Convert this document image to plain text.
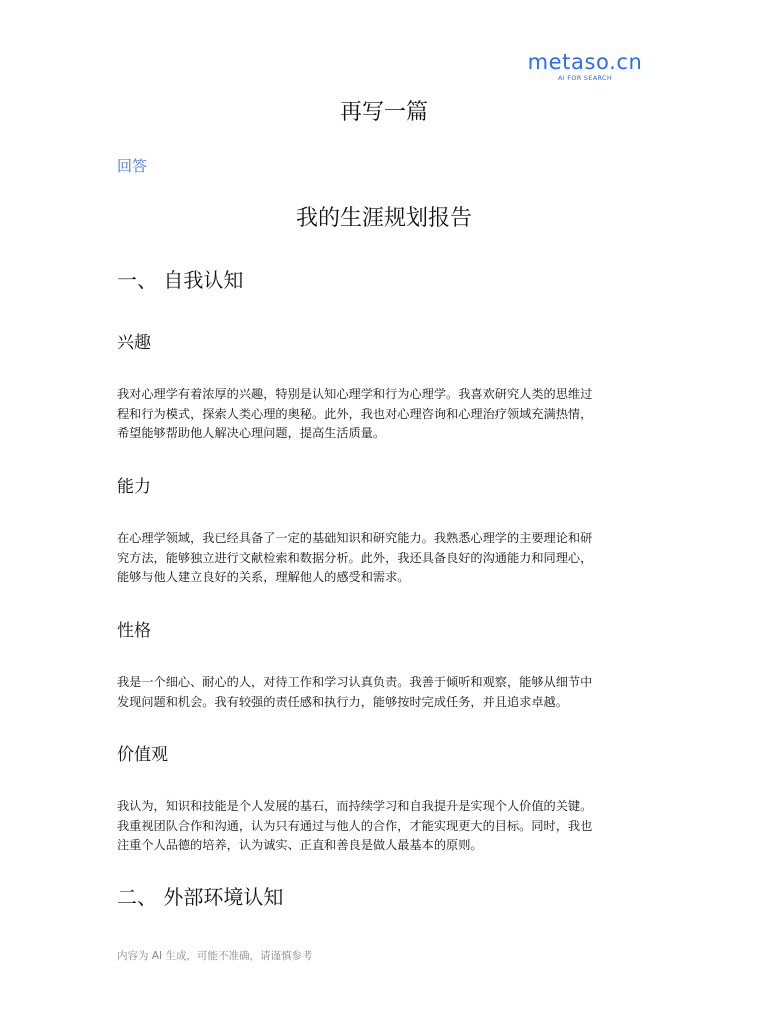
metaso.cn
AI FOR SEARCH
再写一篇
回答
我的生涯规划报告
一、 自我认知
兴趣
我对心理学有着浓厚的兴趣，特别是认知心理学和行为心理学。我喜欢研究人类的思维过
程和行为模式，探索人类心理的奥秘。此外，我也对心理咨询和心理治疗领域充满热情，
希望能够帮助他人解决心理问题，提高生活质量。
能力
在心理学领域，我已经具备了一定的基础知识和研究能力。我熟悉心理学的主要理论和研
究方法，能够独立进行文献检索和数据分析。此外，我还具备良好的沟通能力和同理心，
能够与他人建立良好的关系，理解他人的感受和需求。
性格
我是一个细心、耐心的人，对待工作和学习认真负责。我善于倾听和观察，能够从细节中
发现问题和机会。我有较强的责任感和执行力，能够按时完成任务，并且追求卓越。
价值观
我认为，知识和技能是个人发展的基石，而持续学习和自我提升是实现个人价值的关键。
我重视团队合作和沟通，认为只有通过与他人的合作，才能实现更大的目标。同时，我也
注重个人品德的培养，认为诚实、正直和善良是做人最基本的原则。
二、 外部环境认知
内容为 AI 生成，可能不准确，请谨慎参考
